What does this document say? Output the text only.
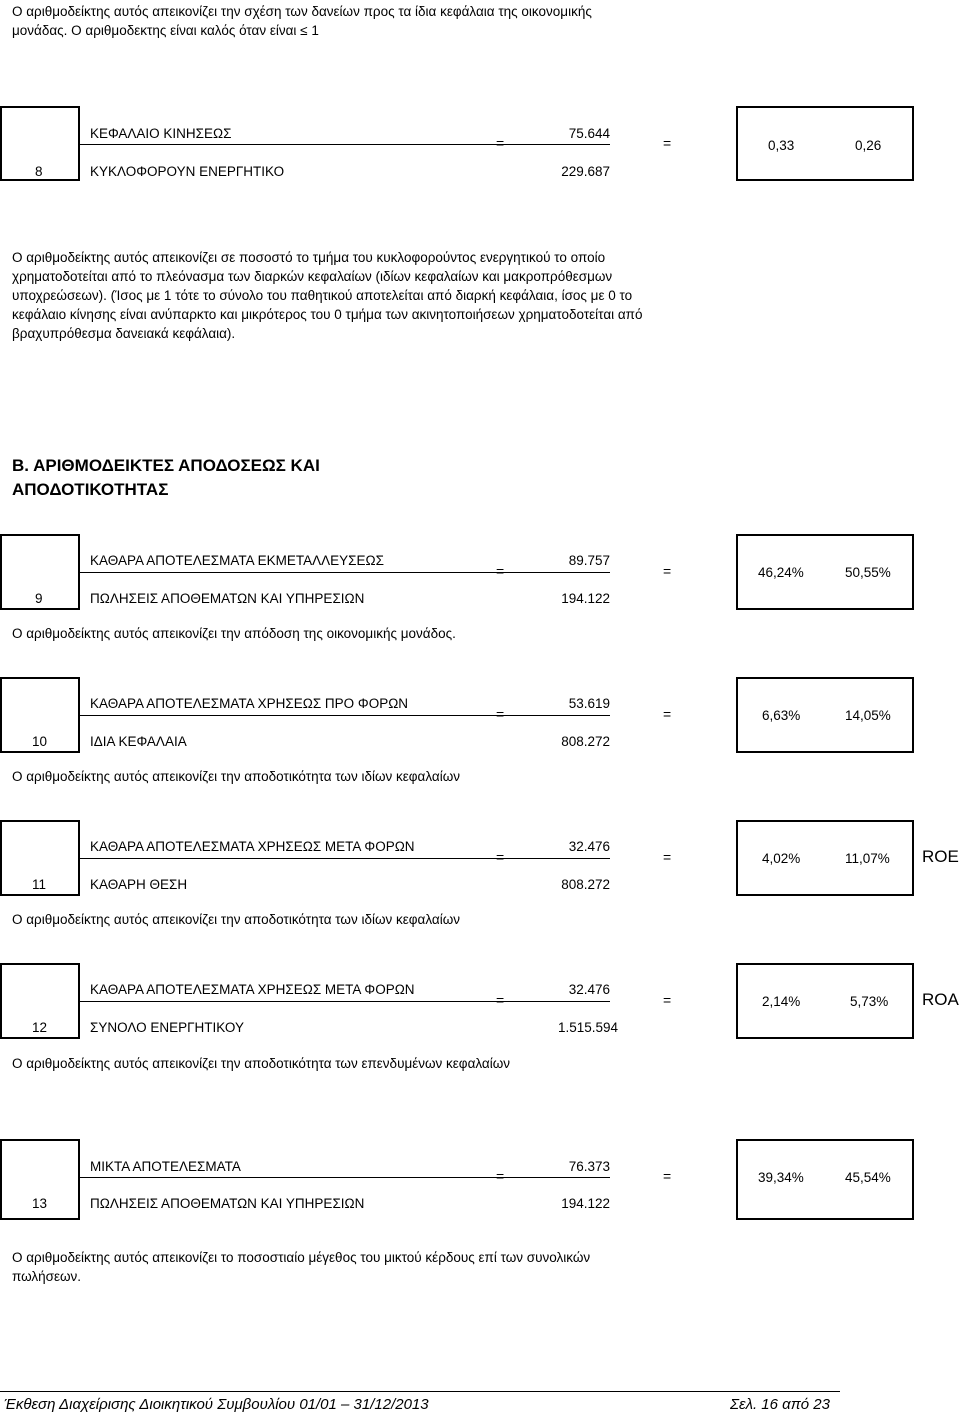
Ο αριθμοδείκτης αυτός απεικονίζει την σχέση των δανείων προς τα ίδια κεφάλαια της οικονομικής μονάδας. Ο αριθμοδεκτης είναι καλός όταν είναι ≤ 1
8
ΚΕΦΑΛΑΙΟ ΚΙΝΗΣΕΩΣ	75.644
=
ΚΥΚΛΟΦΟΡΟΥΝ ΕΝΕΡΓΗΤΙΚΟ	229.687
=	0,33	0,26
Ο αριθμοδείκτης αυτός απεικονίζει σε ποσοστό το τμήμα του κυκλοφορούντος ενεργητικού το οποίο χρηματοδοτείται από το πλεόνασμα των διαρκών κεφαλαίων (ιδίων κεφαλαίων και μακροπρόθεσμων υποχρεώσεων). (Ίσος με 1 τότε το σύνολο του παθητικού αποτελείται από διαρκή κεφάλαια, ίσος με 0 το κεφάλαιο κίνησης είναι ανύπαρκτο και μικρότερος του 0 τμήμα των ακινητοποιήσεων χρηματοδοτείται από βραχυπρόθεσμα δανειακά κεφάλαια).
Β. ΑΡΙΘΜΟΔΕΙΚΤΕΣ ΑΠΟΔΟΣΕΩΣ ΚΑΙ ΑΠΟΔΟΤΙΚΟΤΗΤΑΣ
9
ΚΑΘΑΡΑ ΑΠΟΤΕΛΕΣΜΑΤΑ ΕΚΜΕΤΑΛΛΕΥΣΕΩΣ	89.757
=
ΠΩΛΗΣΕΙΣ ΑΠΟΘΕΜΑΤΩΝ ΚΑΙ ΥΠΗΡΕΣΙΩΝ	194.122
=	46,24%	50,55%
Ο αριθμοδείκτης αυτός απεικονίζει την απόδοση της οικονομικής μονάδος.
10
ΚΑΘΑΡΑ ΑΠΟΤΕΛΕΣΜΑΤΑ ΧΡΗΣΕΩΣ ΠΡΟ ΦΟΡΩΝ	53.619
=
ΙΔΙΑ ΚΕΦΑΛΑΙΑ	808.272
=	6,63%	14,05%
Ο αριθμοδείκτης αυτός απεικονίζει την αποδοτικότητα των ιδίων κεφαλαίων
11
ΚΑΘΑΡΑ ΑΠΟΤΕΛΕΣΜΑΤΑ ΧΡΗΣΕΩΣ ΜΕΤΑ ΦΟΡΩΝ	32.476
=
ΚΑΘΑΡΗ ΘΕΣΗ	808.272
=	4,02%	11,07% ROE
Ο αριθμοδείκτης αυτός απεικονίζει την αποδοτικότητα των ιδίων κεφαλαίων
12
ΚΑΘΑΡΑ ΑΠΟΤΕΛΕΣΜΑΤΑ ΧΡΗΣΕΩΣ ΜΕΤΑ ΦΟΡΩΝ	32.476
=
ΣΥΝΟΛΟ ΕΝΕΡΓΗΤΙΚΟΥ	1.515.594
=	2,14%	5,73% ROA
Ο αριθμοδείκτης αυτός απεικονίζει την αποδοτικότητα των επενδυμένων κεφαλαίων
13
ΜΙΚΤΑ ΑΠΟΤΕΛΕΣΜΑΤΑ	76.373
=
ΠΩΛΗΣΕΙΣ ΑΠΟΘΕΜΑΤΩΝ ΚΑΙ ΥΠΗΡΕΣΙΩΝ	194.122
=	39,34%	45,54%
Ο αριθμοδείκτης αυτός απεικονίζει το ποσοστιαίο μέγεθος του μικτού κέρδους επί των συνολικών πωλήσεων.
Έκθεση Διαχείρισης Διοικητικού Συμβουλίου 01/01 – 31/12/2013	Σελ. 16 από 23
